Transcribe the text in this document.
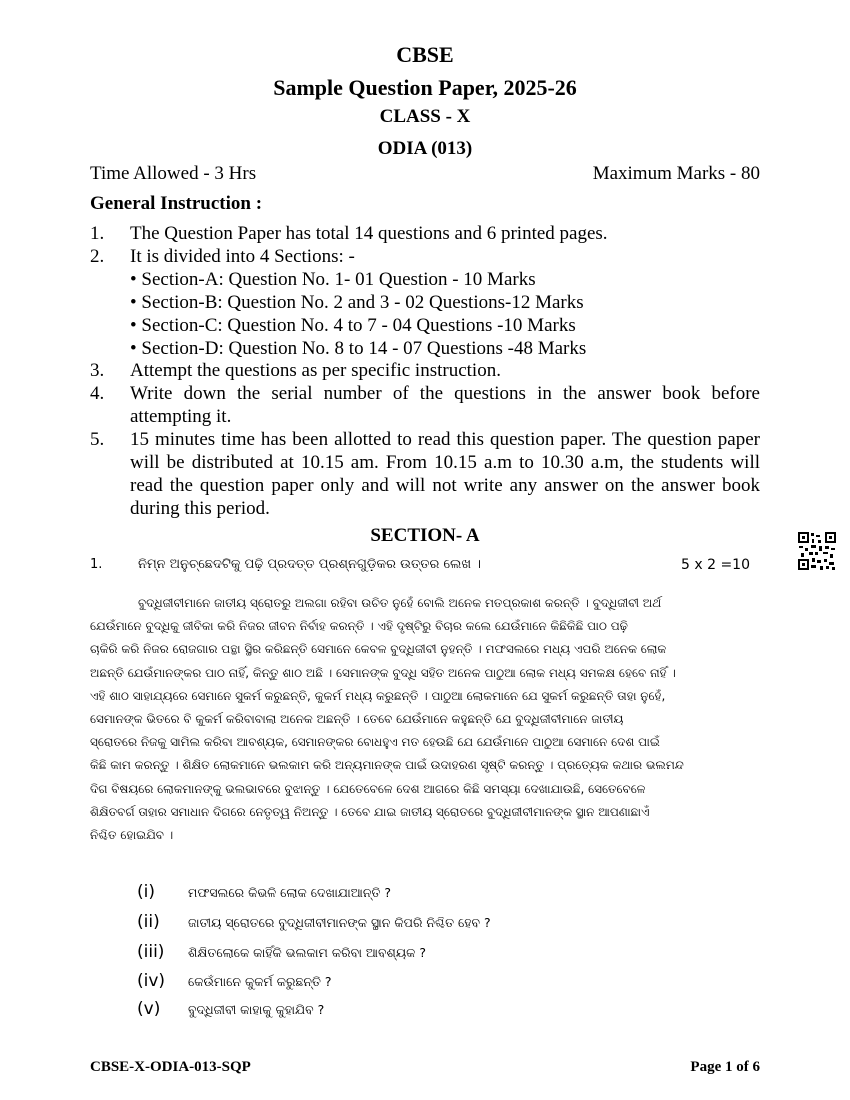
CBSE
Sample Question Paper, 2025-26
CLASS - X
ODIA (013)
Time Allowed - 3 Hrs	Maximum Marks - 80
General Instruction :
1. The Question Paper has total 14 questions and 6 printed pages.
2. It is divided into 4 Sections: -
• Section-A: Question No. 1- 01 Question - 10 Marks
• Section-B: Question No. 2 and 3 - 02 Questions-12 Marks
• Section-C: Question No. 4 to 7 - 04 Questions -10 Marks
• Section-D: Question No. 8 to 14 - 07 Questions -48 Marks
3. Attempt the questions as per specific instruction.
4. Write down the serial number of the questions in the answer book before attempting it.
5. 15 minutes time has been allotted to read this question paper. The question paper will be distributed at 10.15 am. From 10.15 a.m to 10.30 a.m, the students will read the question paper only and will not write any answer on the answer book during this period.
SECTION- A
1.	ନିମ୍ନ ଅନୁଚ୍ଛେଦଟିକୁ ପଢ଼ି ପ୍ରଦତ୍ତ ପ୍ରଶ୍ନଗୁଡ଼ିକର ଉତ୍ତର ଲେଖ ।	5 x 2 =10
ବୁଦ୍ଧିଜୀବୀମାନେ ଜାତୀୟ ସ୍ରୋତରୁ ଅଲଗା ରହିବା ଉଚିତ ନୁହେଁ ବୋଲି ଅନେକ ମତପ୍ରକାଶ କରନ୍ତି । ବୁଦ୍ଧିଜୀବୀ ଅର୍ଥ
ଯେଉଁମାନେ ବୁଦ୍ଧିକୁ ଜୀବିକା କରି ନିଜର ଜୀବନ ନିର୍ବାହ କରନ୍ତି । ଏହି ଦୃଷ୍ଟିରୁ ବିଚାର କଲେ ଯେଉଁମାନେ କିଛିକିଛି ପାଠ ପଢ଼ି
ଚାକିରି କରି ନିଜର ରୋଜଗାର ପନ୍ଥା ସ୍ଥିର କରିଛନ୍ତି ସେମାନେ କେବଳ ବୁଦ୍ଧିଜୀବୀ ନୁହନ୍ତି । ମଫସଲରେ ମଧ୍ୟ ଏପରି ଅନେକ ଲୋକ
ଅଛନ୍ତି ଯେଉଁମାନଙ୍କର ପାଠ ନାହିଁ, କିନ୍ତୁ ଶାଠ ଅଛି । ସେମାନଙ୍କ ବୁଦ୍ଧି ସହିତ ଅନେକ ପାଠୁଆ ଲୋକ ମଧ୍ୟ ସମକକ୍ଷ ହେବେ ନାହିଁ ।
ଏହି ଶାଠ ସାହାଯ୍ୟରେ ସେମାନେ ସୁକର୍ମ କରୁଛନ୍ତି, କୁକର୍ମ ମଧ୍ୟ କରୁଛନ୍ତି । ପାଠୁଆ ଲୋକମାନେ ଯେ ସୁକର୍ମ କରୁଛନ୍ତି ତାହା ନୁହେଁ,
ସେମାନଙ୍କ ଭିତରେ ବି କୁକର୍ମ କରିବାବାଲା ଅନେକ ଅଛନ୍ତି । ତେବେ ଯେଉଁମାନେ କହୁଛନ୍ତି ଯେ ବୁଦ୍ଧିଜୀବୀମାନେ ଜାତୀୟ
ସ୍ରୋତରେ ନିଜକୁ ସାମିଲ କରିବା ଆବଶ୍ୟକ, ସେମାନଙ୍କର ବୋଧହୁଏ ମତ ହେଉଛି ଯେ ଯେଉଁମାନେ ପାଠୁଆ ସେମାନେ ଦେଶ ପାଇଁ
କିଛି କାମ କରନ୍ତୁ । ଶିକ୍ଷିତ ଲୋକମାନେ ଭଲକାମ କରି ଅନ୍ୟମାନଙ୍କ ପାଇଁ ଉଦାହରଣ ସୃଷ୍ଟି କରନ୍ତୁ । ପ୍ରତ୍ୟେକ କଥାର ଭଲମନ୍ଦ
ଦିଗ ବିଷୟରେ ଲୋକମାନଙ୍କୁ ଭଲଭାବରେ ବୁଝାନ୍ତୁ । ଯେତେବେଳେ ଦେଶ ଆଗରେ କିଛି ସମସ୍ୟା ଦେଖାଯାଉଛି, ସେତେବେଳେ
ଶିକ୍ଷିତବର୍ଗ ତାହାର ସମାଧାନ ଦିଗରେ ନେତୃତ୍ୱ ନିଅନ୍ତୁ । ତେବେ ଯାଇ ଜାତୀୟ ସ୍ରୋତରେ ବୁଦ୍ଧିଜୀବୀମାନଙ୍କ ସ୍ଥାନ ଆପଣାଛାଏଁ
ନିଶ୍ଚିତ ହୋଇଯିବ ।
(i)	ମଫସଲରେ କିଭଳି ଲୋକ ଦେଖାଯାଆନ୍ତି ?
(ii) ଜାତୀୟ ସ୍ରୋତରେ ବୁଦ୍ଧିଜୀବୀମାନଙ୍କ ସ୍ଥାନ କିପରି ନିଶ୍ଚିତ ହେବ ?
(iii) ଶିକ୍ଷିତଲୋକେ କାହିଁକି ଭଲକାମ କରିବା ଆବଶ୍ୟକ ?
(iv) କେଉଁମାନେ କୁକର୍ମ କରୁଛନ୍ତି ?
(v) ବୁଦ୍ଧିଜୀବୀ କାହାକୁ କୁହାଯିବ ?
CBSE-X-ODIA-013-SQP	Page 1 of 6
